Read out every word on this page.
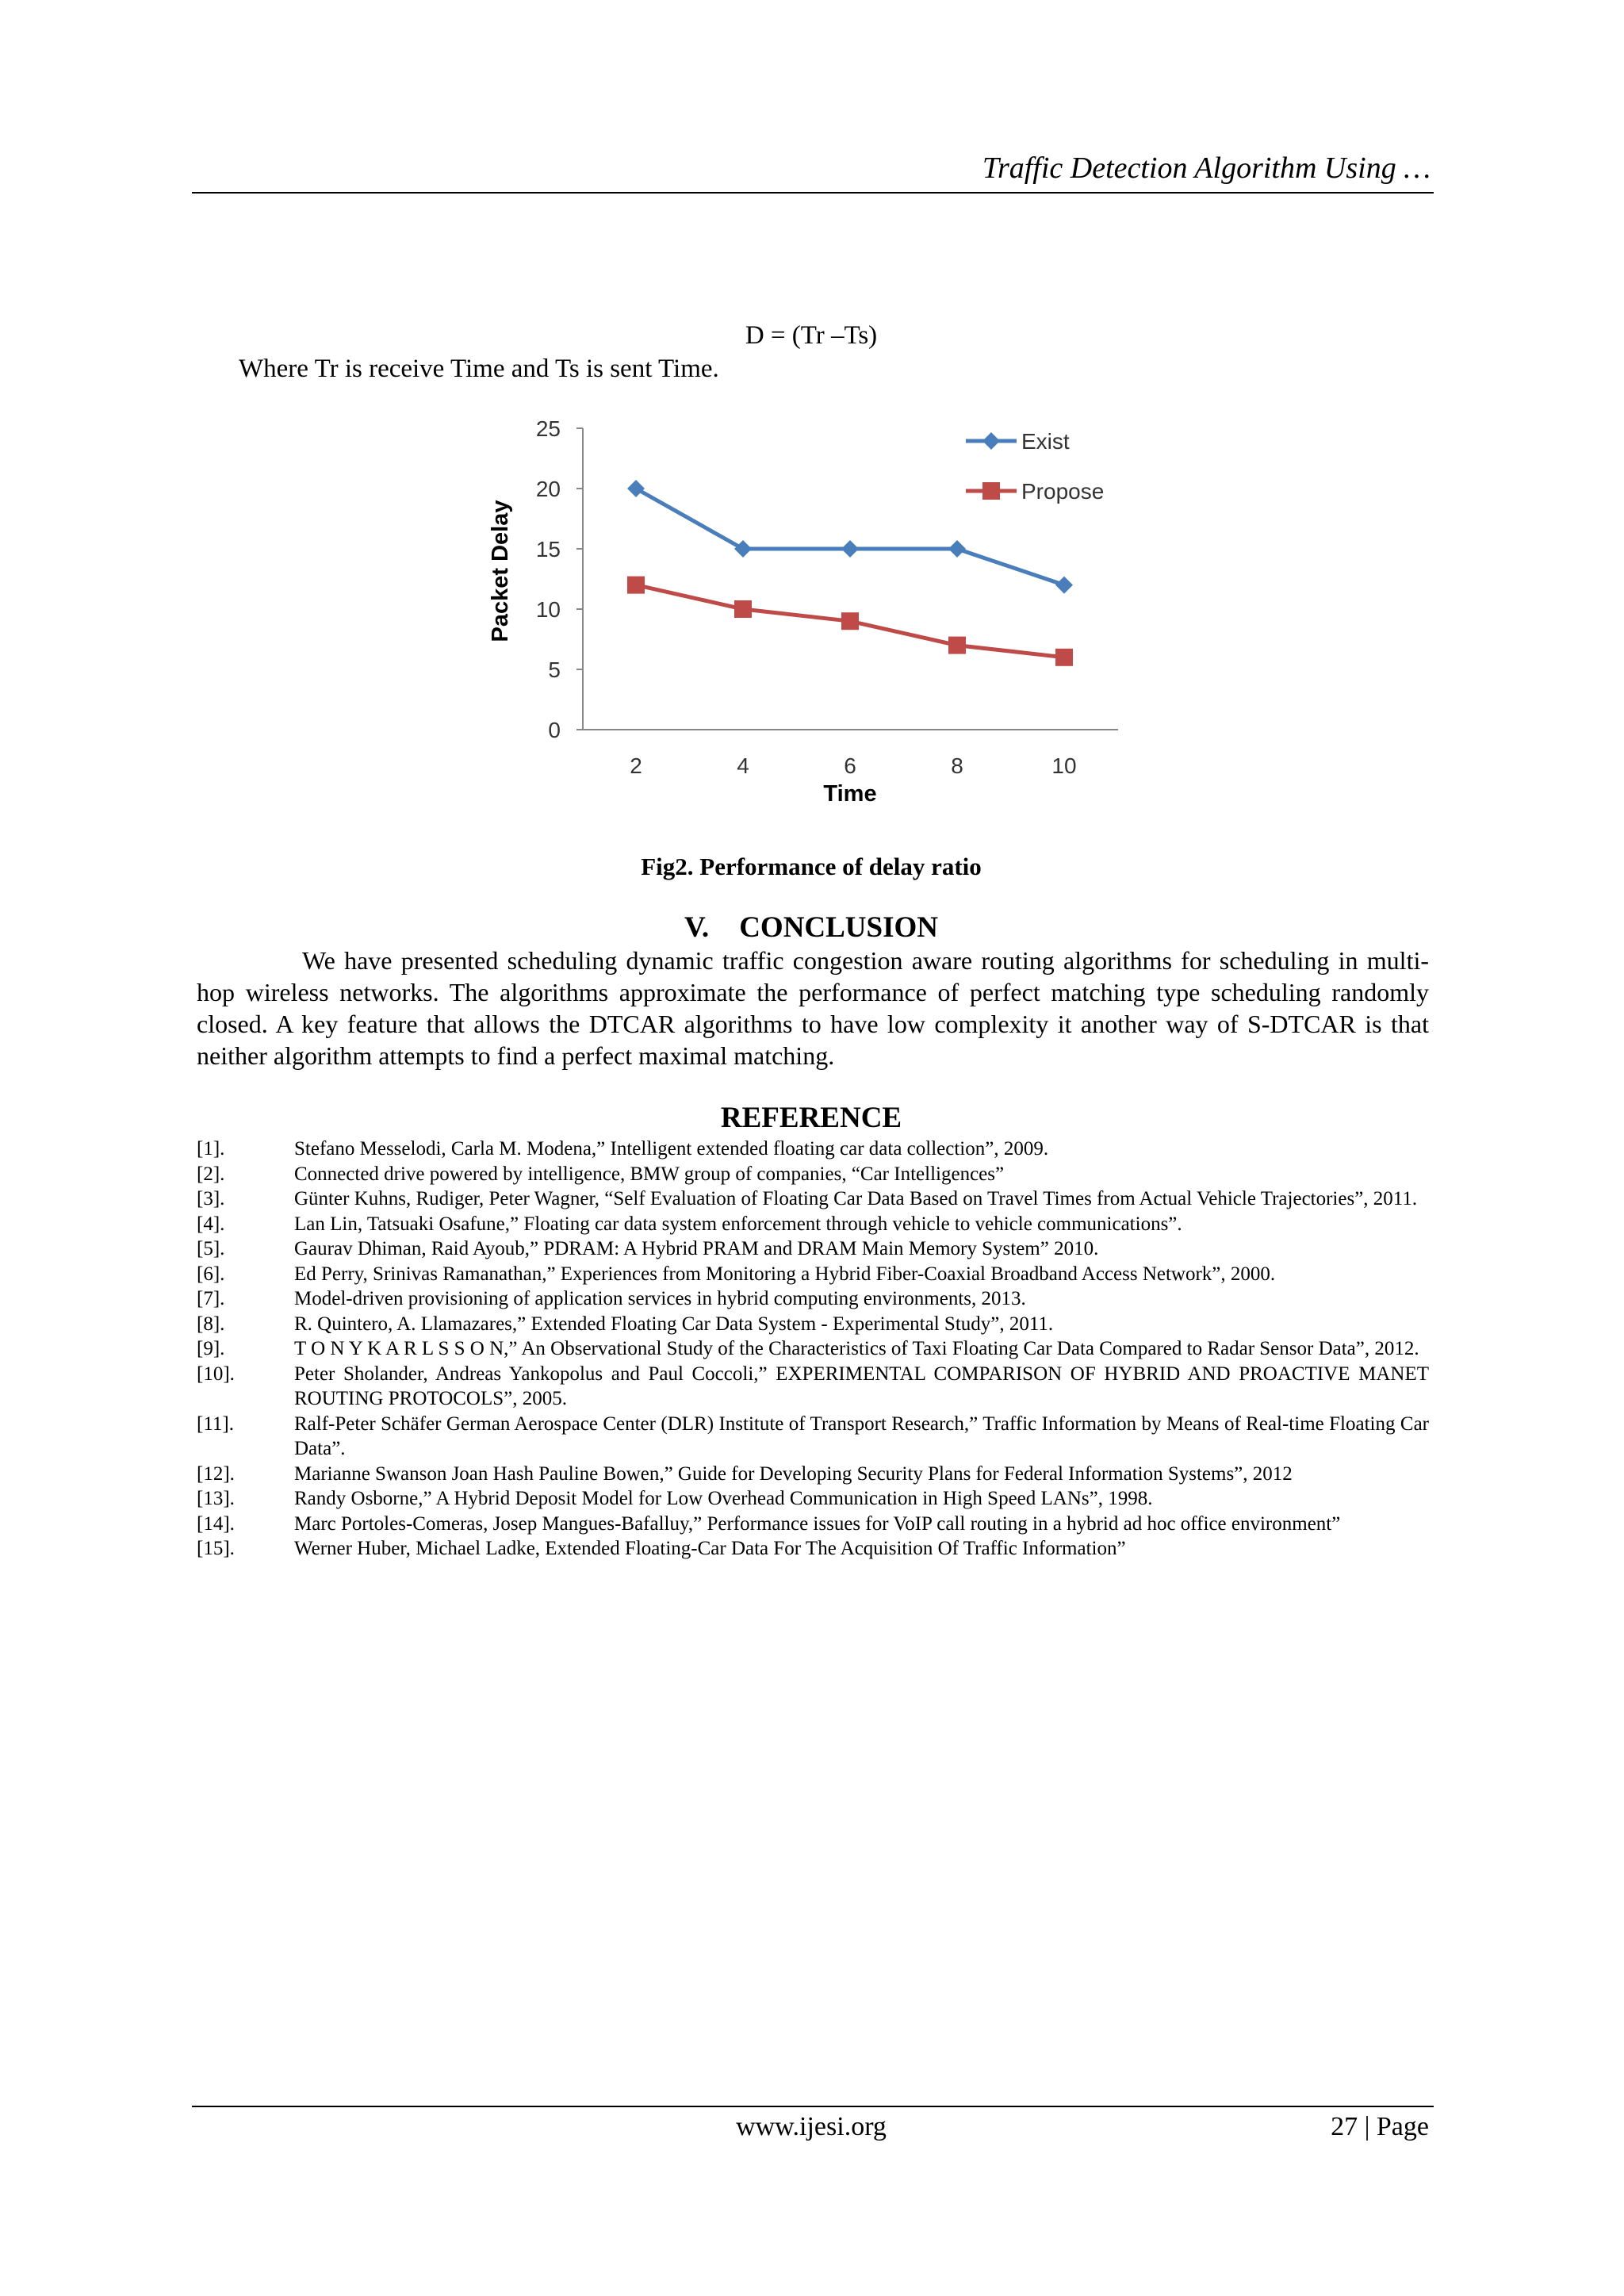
Traffic Detection Algorithm Using …
D = (Tr –Ts)
Where Tr is receive Time and Ts is sent Time.
0
5
10
15
20
25
2	4	6	8	10
Packet Delay
Time
Exist
Propose
Fig2. Performance of delay ratio
V. CONCLUSION

We have presented scheduling dynamic traffic congestion aware routing algorithms for scheduling in multi-hop wireless networks. The algorithms approximate the performance of perfect matching type scheduling randomly closed. A key feature that allows the DTCAR algorithms to have low complexity it another way of S-DTCAR is that neither algorithm attempts to find a perfect maximal matching.

REFERENCE
[1].	Stefano Messelodi, Carla M. Modena,” Intelligent extended floating car data collection”, 2009.
[2].	Connected drive powered by intelligence, BMW group of companies, “Car Intelligences”
[3].	Günter Kuhns, Rudiger, Peter Wagner, “Self Evaluation of Floating Car Data Based on Travel Times from Actual Vehicle Trajectories”, 2011.
[4].	Lan Lin, Tatsuaki Osafune,” Floating car data system enforcement through vehicle to vehicle communications”.
[5].	Gaurav Dhiman, Raid Ayoub,” PDRAM: A Hybrid PRAM and DRAM Main Memory System” 2010.
[6].	Ed Perry, Srinivas Ramanathan,” Experiences from Monitoring a Hybrid Fiber-Coaxial Broadband Access Network”, 2000.
[7].	Model-driven provisioning of application services in hybrid computing environments, 2013.
[8].	R. Quintero, A. Llamazares,” Extended Floating Car Data System - Experimental Study”, 2011.
[9].	T O N Y K A R L S S O N,” An Observational Study of the Characteristics of Taxi Floating Car Data Compared to Radar Sensor Data”, 2012.
[10].	Peter Sholander, Andreas Yankopolus and Paul Coccoli,” EXPERIMENTAL COMPARISON OF HYBRID AND PROACTIVE MANET ROUTING PROTOCOLS”, 2005.
[11].	Ralf-Peter Schäfer German Aerospace Center (DLR) Institute of Transport Research,” Traffic Information by Means of Real-time Floating Car Data”.
[12].	Marianne Swanson Joan Hash Pauline Bowen,” Guide for Developing Security Plans for Federal Information Systems”, 2012
[13].	Randy Osborne,” A Hybrid Deposit Model for Low Overhead Communication in High Speed LANs”, 1998.
[14].	Marc Portoles-Comeras, Josep Mangues-Bafalluy,” Performance issues for VoIP call routing in a hybrid ad hoc office environment”
[15].	Werner Huber, Michael Ladke, Extended Floating-Car Data For The Acquisition Of Traffic Information”
www.ijesi.org	27 | Page
